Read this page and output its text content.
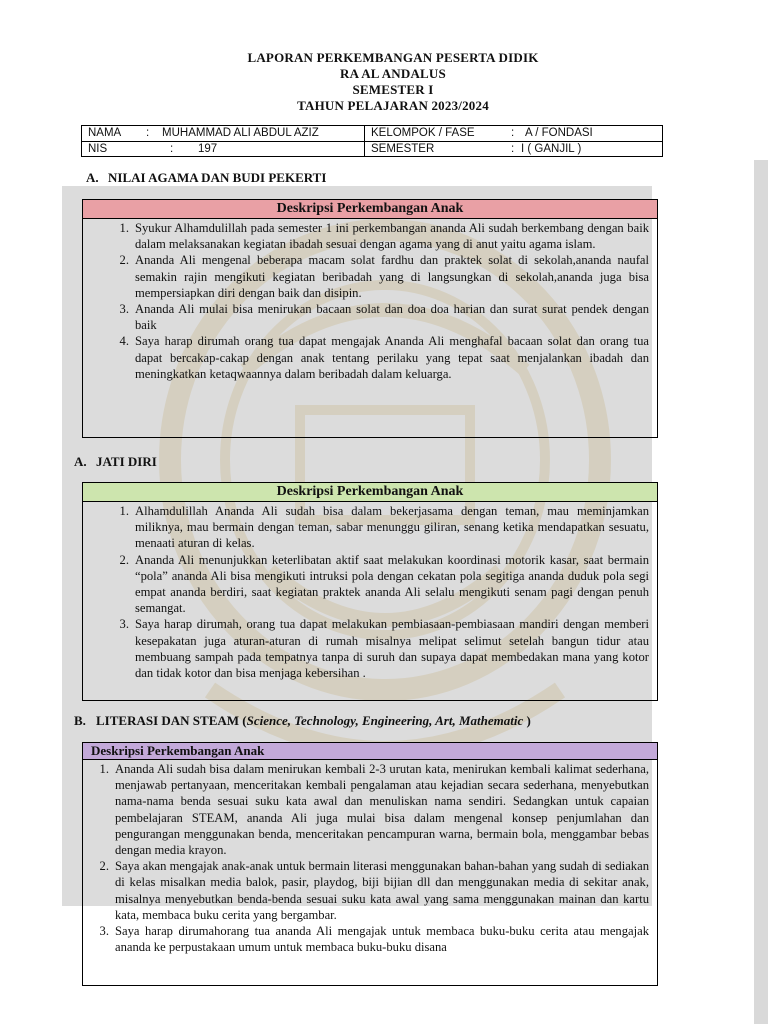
LAPORAN PERKEMBANGAN PESERTA DIDIK
RA AL ANDALUS
SEMESTER I
TAHUN PELAJARAN 2023/2024
NAMA : MUHAMMAD ALI ABDUL AZIZ	KELOMPOK / FASE	: A / FONDASI
NIS	: 197	SEMESTER	: I ( GANJIL )
A. NILAI AGAMA DAN BUDI PEKERTI
Deskripsi Perkembangan Anak
1. Syukur Alhamdulillah pada semester 1 ini perkembangan ananda Ali sudah berkembang dengan baik dalam melaksanakan kegiatan ibadah sesuai dengan agama yang di anut yaitu agama islam.
2. Ananda Ali mengenal beberapa macam solat fardhu dan praktek solat di sekolah,ananda naufal semakin rajin mengikuti kegiatan beribadah yang di langsungkan di sekolah,ananda juga bisa mempersiapkan diri dengan baik dan disipin.
3. Ananda Ali mulai bisa menirukan bacaan solat dan doa doa harian dan surat surat pendek dengan baik
4. Saya harap dirumah orang tua dapat mengajak Ananda Ali menghafal bacaan solat dan orang tua dapat bercakap-cakap dengan anak tentang perilaku yang tepat saat menjalankan ibadah dan meningkatkan ketaqwaannya dalam beribadah dalam keluarga.
A. JATI DIRI
Deskripsi Perkembangan Anak
1. Alhamdulillah Ananda Ali sudah bisa dalam bekerjasama dengan teman, mau meminjamkan miliknya, mau bermain dengan teman, sabar menunggu giliran, senang ketika mendapatkan sesuatu, menaati aturan di kelas.
2. Ananda Ali menunjukkan keterlibatan aktif saat melakukan koordinasi motorik kasar, saat bermain “pola” ananda Ali bisa mengikuti intruksi pola dengan cekatan pola segitiga ananda duduk pola segi empat ananda berdiri, saat kegiatan praktek ananda Ali selalu mengikuti senam pagi dengan penuh semangat.
3. Saya harap dirumah, orang tua dapat melakukan pembiasaan-pembiasaan mandiri dengan memberi kesepakatan juga aturan-aturan di rumah misalnya melipat selimut setelah bangun tidur atau membuang sampah pada tempatnya tanpa di suruh dan supaya dapat membedakan mana yang kotor dan tidak kotor dan bisa menjaga kebersihan .
B. LITERASI DAN STEAM (Science, Technology, Engineering, Art, Mathematic )
Deskripsi Perkembangan Anak
1. Ananda Ali sudah bisa dalam menirukan kembali 2-3 urutan kata, menirukan kembali kalimat sederhana, menjawab pertanyaan, menceritakan kembali pengalaman atau kejadian secara sederhana, menyebutkan nama-nama benda sesuai suku kata awal dan menuliskan nama sendiri. Sedangkan untuk capaian pembelajaran STEAM, ananda Ali juga mulai bisa dalam mengenal konsep penjumlahan dan pengurangan menggunakan benda, menceritakan pencampuran warna, bermain bola, menggambar bebas dengan media krayon.
2. Saya akan mengajak anak-anak untuk bermain literasi menggunakan bahan-bahan yang sudah di sediakan di kelas misalkan media balok, pasir, playdog, biji bijian dll dan menggunakan media di sekitar anak, misalnya menyebutkan benda-benda sesuai suku kata awal yang sama menggunakan mainan dan kartu kata, membaca buku cerita yang bergambar.
3. Saya harap dirumahorang tua ananda Ali mengajak untuk membaca buku-buku cerita atau mengajak ananda ke perpustakaan umum untuk membaca buku-buku disana
